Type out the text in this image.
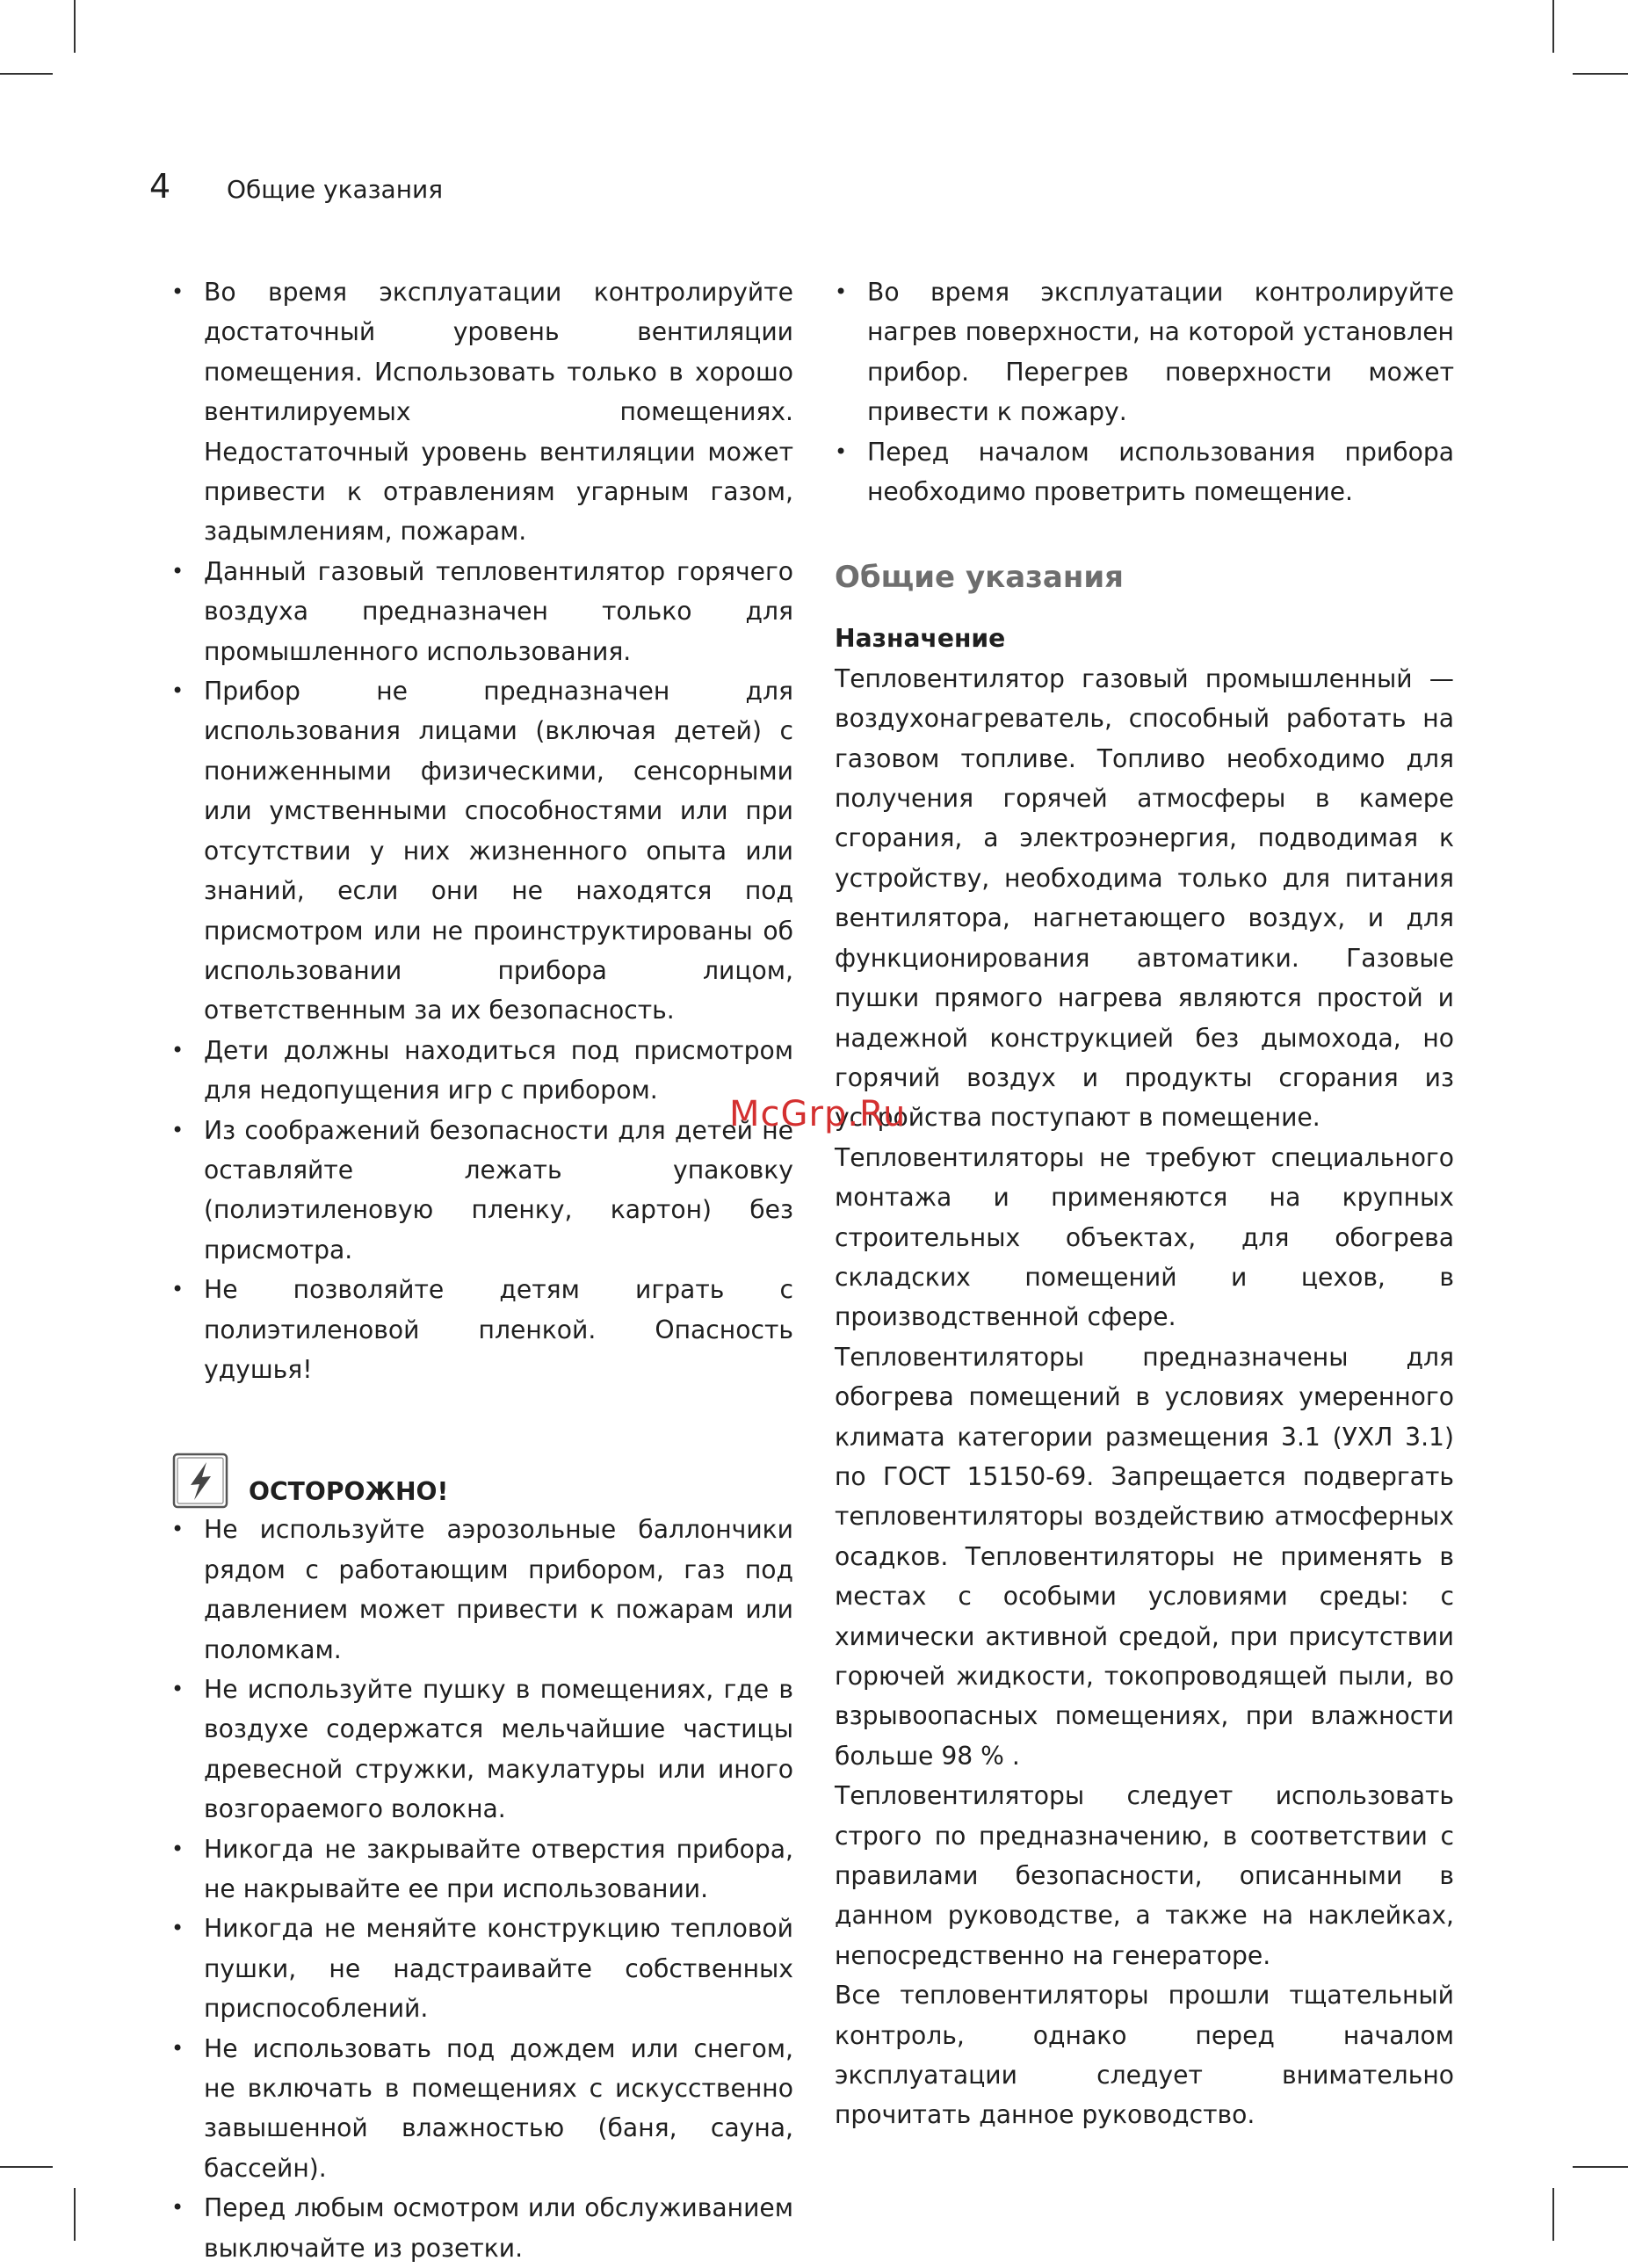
4	Общие указания
• Во время эксплуатации контролируйте достаточный уровень вентиляции помещения. Использовать только в хорошо вентилируемых помещениях. Недостаточный уровень вентиляции может привести к отравлениям угарным газом, задымлениям, пожарам.
• Данный газовый тепловентилятор горячего воздуха предназначен только для промышленного использования.
• Прибор не предназначен для использования лицами (включая детей) с пониженными физическими, сенсорными или умственными способностями или при отсутствии у них жизненного опыта или знаний, если они не находятся под присмотром или не проинструктированы об использовании прибора лицом, ответственным за их безопасность.
• Дети должны находиться под присмотром для недопущения игр с прибором.
• Из соображений безопасности для детей не оставляйте лежать упаковку (полиэтиленовую пленку, картон) без присмотра.
• Не позволяйте детям играть с полиэтиленовой пленкой. Опасность удушья!
ОСТОРОЖНО!
• Не используйте аэрозольные баллончики рядом с работающим прибором, газ под давлением может привести к пожарам или поломкам.
• Не используйте пушку в помещениях, где в воздухе содержатся мельчайшие частицы древесной стружки, макулатуры или иного возгораемого волокна.
• Никогда не закрывайте отверстия прибора, не накрывайте ее при использовании.
• Никогда не меняйте конструкцию тепловой пушки, не надстраивайте собственных приспособлений.
• Не использовать под дождем или снегом, не включать в помещениях с искусственно завышенной влажностью (баня, сауна, бассейн).
• Перед любым осмотром или обслуживанием выключайте из розетки.
• Во время эксплуатации контролируйте нагрев поверхности, на которой установлен прибор. Перегрев поверхности может привести к пожару.
• Перед началом использования прибора необходимо проветрить помещение.
Общие указания

Назначение

Тепловентилятор газовый промышленный — воздухонагреватель, способный работать на газовом топливе. Топливо необходимо для получения горячей атмосферы в камере сгорания, а электроэнергия, подводимая к устройству, необходима только для питания вентилятора, нагнетающего воздух, и для функционирования автоматики. Газовые пушки прямого нагрева являются простой и надежной конструкцией без дымохода, но горячий воздух и продукты сгорания из устройства поступают в помещение.

Тепловентиляторы не требуют специального монтажа и применяются на крупных строительных объектах, для обогрева складских помещений и цехов, в производственной сфере.

Тепловентиляторы предназначены для обогрева помещений в условиях умеренного климата категории размещения 3.1 (УХЛ 3.1) по ГОСТ 15150-69. Запрещается подвергать тепловентиляторы воздействию атмосферных осадков. Тепловентиляторы не применять в местах с особыми условиями среды: с химически активной средой, при присутствии горючей жидкости, токопроводящей пыли, во взрывоопасных помещениях, при влажности больше 98 % .

Тепловентиляторы следует использовать строго по предназначению, в соответствии с правилами безопасности, описанными в данном руководстве, а также на наклейках, непосредственно на генераторе.

Все тепловентиляторы прошли тщательный контроль, однако перед началом эксплуатации следует внимательно прочитать данное руководство.

McGrp.Ru
